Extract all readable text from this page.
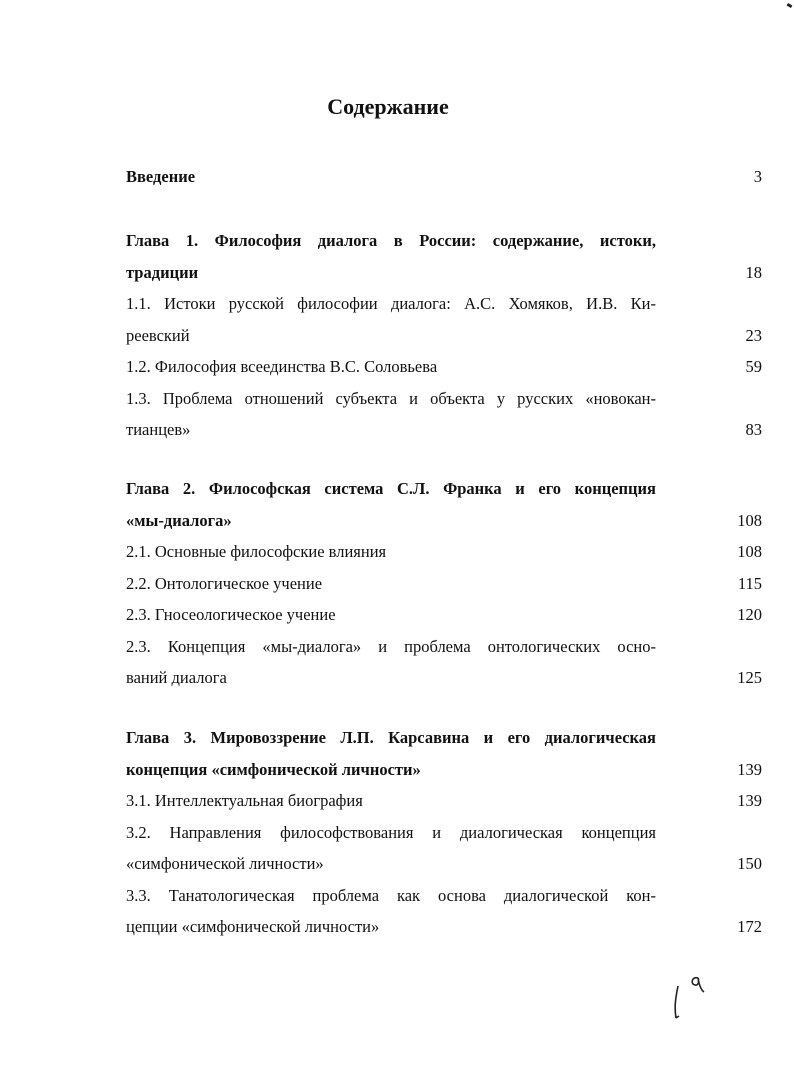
Содержание
Введение	3
Глава 1. Философия диалога в России: содержание, истоки,
традиции	18
1.1. Истоки русской философии диалога: А.С. Хомяков, И.В. Ки-
реевский	23
1.2. Философия всеединства В.С. Соловьева	59
1.3. Проблема отношений субъекта и объекта у русских «новокан-
тианцев»	83
Глава 2. Философская система С.Л. Франка и его концепция
«мы-диалога»	108
2.1. Основные философские влияния	108
2.2. Онтологическое учение	115
2.3. Гносеологическое учение	120
2.3. Концепция «мы-диалога» и проблема онтологических осно-
ваний диалога	125
Глава 3. Мировоззрение Л.П. Карсавина и его диалогическая
концепция «симфонической личности»	139
3.1. Интеллектуальная биография	139
3.2. Направления философствования и диалогическая концепция
«симфонической личности»	150
3.3. Танатологическая проблема как основа диалогической кон-
цепции «симфонической личности»	172
